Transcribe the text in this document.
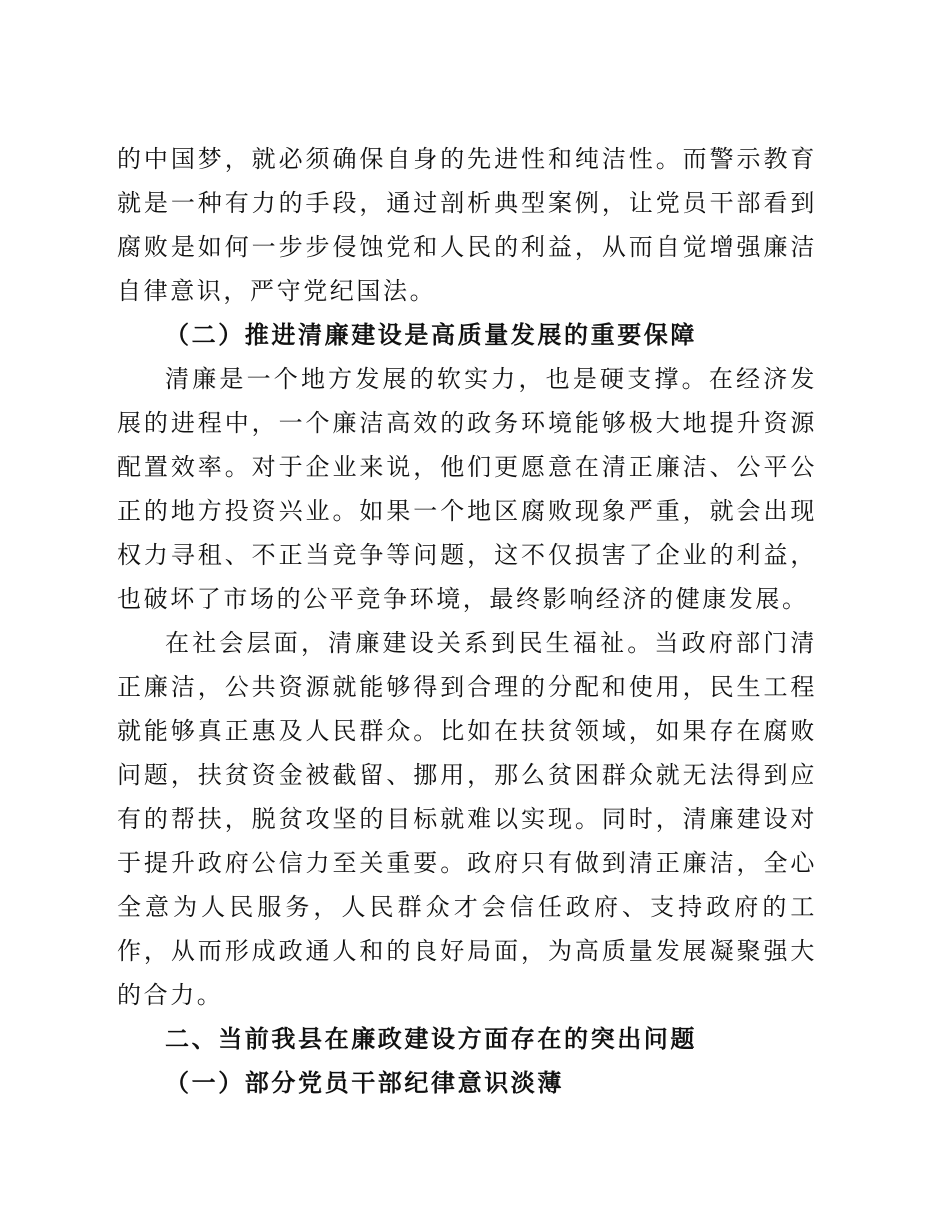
的中国梦，就必须确保自身的先进性和纯洁性。而警示教育就是一种有力的手段，通过剖析典型案例，让党员干部看到腐败是如何一步步侵蚀党和人民的利益，从而自觉增强廉洁自律意识，严守党纪国法。

（二）推进清廉建设是高质量发展的重要保障

清廉是一个地方发展的软实力，也是硬支撑。在经济发展的进程中，一个廉洁高效的政务环境能够极大地提升资源配置效率。对于企业来说，他们更愿意在清正廉洁、公平公正的地方投资兴业。如果一个地区腐败现象严重，就会出现权力寻租、不正当竞争等问题，这不仅损害了企业的利益，也破坏了市场的公平竞争环境，最终影响经济的健康发展。

在社会层面，清廉建设关系到民生福祉。当政府部门清正廉洁，公共资源就能够得到合理的分配和使用，民生工程就能够真正惠及人民群众。比如在扶贫领域，如果存在腐败问题，扶贫资金被截留、挪用，那么贫困群众就无法得到应有的帮扶，脱贫攻坚的目标就难以实现。同时，清廉建设对于提升政府公信力至关重要。政府只有做到清正廉洁，全心全意为人民服务，人民群众才会信任政府、支持政府的工作，从而形成政通人和的良好局面，为高质量发展凝聚强大的合力。

二、当前我县在廉政建设方面存在的突出问题
（一）部分党员干部纪律意识淡薄
